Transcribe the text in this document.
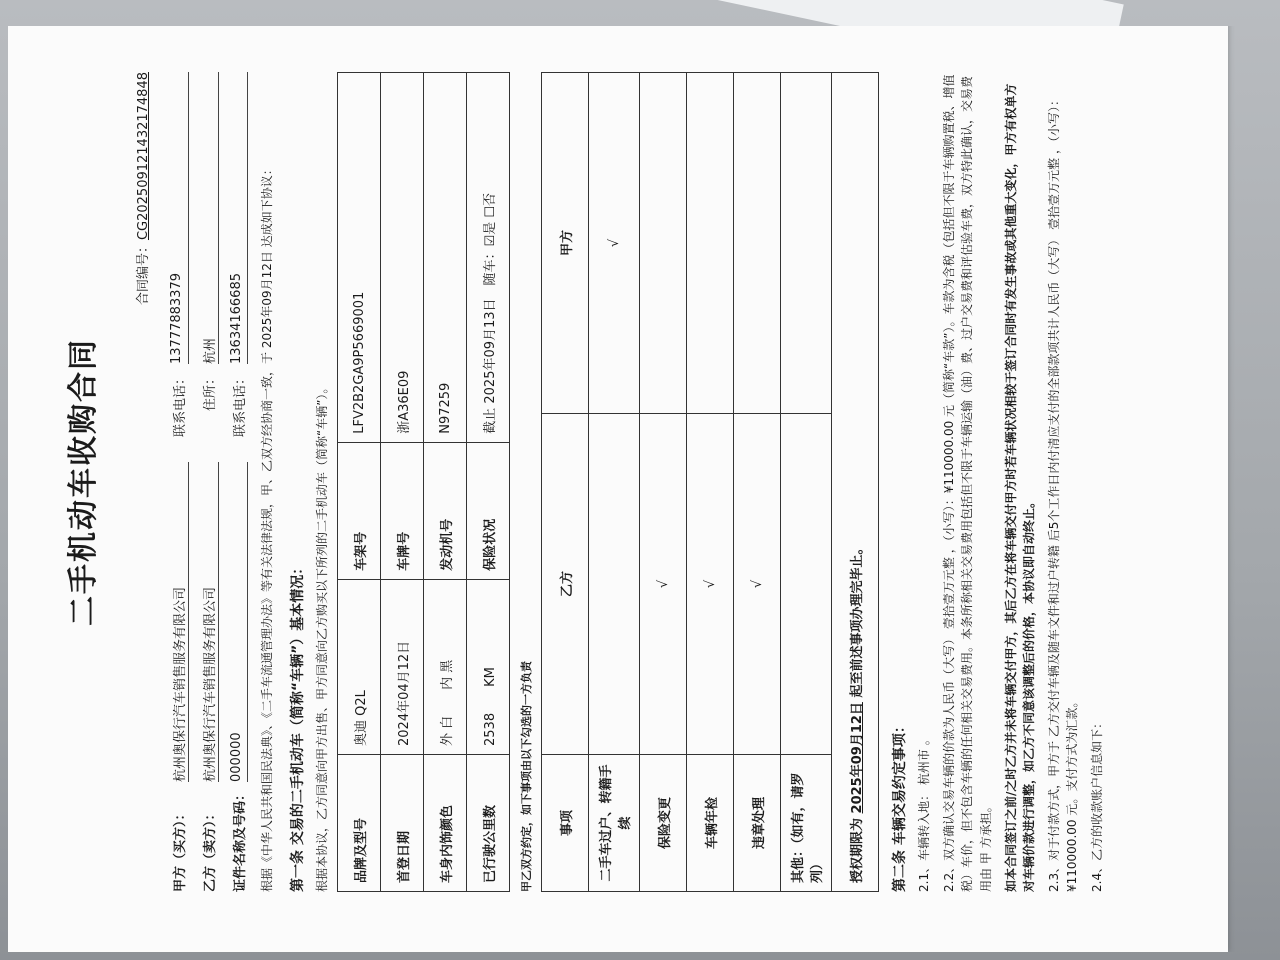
二手机动车收购合同
合同编号：CG202509121432174848
甲方（买方）：
杭州奥保行汽车销售服务有限公司
联系电话：
13777883379
乙方（卖方）：
杭州奥保行汽车销售服务有限公司
住所：
杭州
证件名称及号码：
000000
联系电话：
13634166685	根据《中华人民共和国民法典》、《二手车流通管理办法》等有关法律法规，甲、乙双方经协商一致，于 2025年09月12日 达成如下协议： 第一条 交易的二手机动车（简称“车辆”）基本情况： 根据本协议，乙方同意向甲方出售、甲方同意向乙方购买以下所列的二手机动车（简称“车辆”）。 品牌及型号	奥迪 Q2L	车架号	LFV2B2GA9P5669001
首登日期	2024年04月12日	车牌号	浙A36E09
车身内饰颜色	外 白　　内 黑	发动机号	N97259
已行驶公里数	2538　　KM	保险状况	截止 2025年09月13日　随车：☑是 ☐否

甲乙双方约定，如下事项由以下勾选的一方负责 事项	乙方	甲方
二手车过户、转籍手续		√
保险变更	√	
车辆年检	√	
违章处理	√	
其他：（如有，请罗列）		
授权期限为 2025年09月12日 起至前述事项办理完毕止。		
第二条 车辆交易约定事项： 2.1、车辆转入地： 杭州市 。 2.2、双方确认交易车辆的价款为人民币（大写） 壹拾壹万元整 ，（小写）：¥110000.00 元（简称“车款”）。车款为含税（包括但不限于车辆购置税、增值税）车价，但不包含车辆的任何相关交易费用。本条所称相关交易费用包括但不限于车辆运输（油）费、过户交易费和评估验车费，双方特此确认，交易费用由 甲 方承担。 如本合同签订之前/之时乙方并未将车辆交付甲方，其后乙方在将车辆交付甲方时若车辆状况相较于签订合同时有发生事故或其他重大变化，甲方有权单方对车辆价款进行调整，如乙方不同意该调整后的价格，本协议即自动终止。 2.3、对于付款方式，甲方于 乙方交付车辆及随车文件和过户转籍 后5个工作日内付清应支付的全部款项共计人民币（大写） 壹拾壹万元整 ，（小写）：¥110000.00 元。支付方式为汇款。 2.4、乙方的收款账户信息如下：
